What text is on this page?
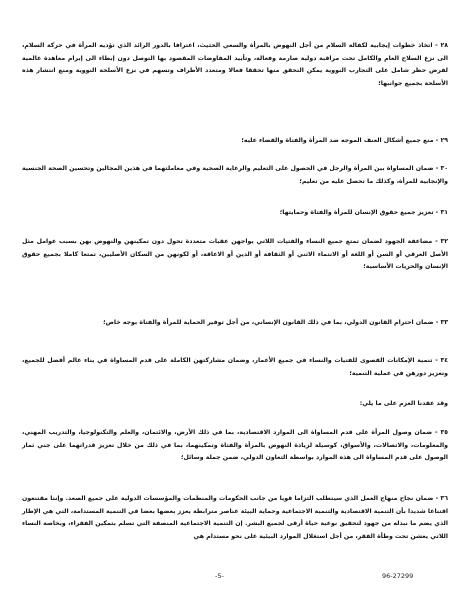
٢٨ - اتخاذ خطوات إيجابية لكفالة السلام من أجل النهوض بالمرأة والسعي الحثيث، اعترافا بالدور الرائد الذي تؤديه المرأة في حركة السلام، الى نزع السلاح العام والكامل تحت مراقبة دولية صارمة وفعالة، وتأييد المفاوضات المقصود بها التوصل دون إبطاء الى إبرام معاهدة عالمية لفرض حظر شامل على التجارب النووية يمكن التحقق منها تحققا فعالا ومتعدد الأطراف وتسهم في نزع الأسلحة النووية ومنع انتشار هذه الأسلحة بجميع جوانبها؛

٢٩ - منع جميع أشكال العنف الموجه ضد المرأة والفتاة والقضاء عليه؛

٣٠ - ضمان المساواة بين المرأة والرجل في الحصول على التعليم والرعاية الصحية وفي معاملتهما في هذين المجالين وتحسين الصحة الجنسية والإنجابية للمرأة، وكذلك ما تحصل عليه من تعليم؛

٣١ - تعزيز جميع حقوق الإنسان للمرأة والفتاة وحمايتها؛

٣٢ - مضاعفة الجهود لضمان تمتع جميع النساء والفتيات اللاتي يواجهن عقبات متعددة تحول دون تمكينهن والنهوض بهن بسبب عوامل مثل الأصل العرقي أو السن أو اللغة أو الانتماء الاثني أو الثقافة أو الدين أو الاعاقة، أو لكونهن من السكان الأصليين، تمتعا كاملا بجميع حقوق الإنسان والحريات الأساسية؛

٣٣ - ضمان احترام القانون الدولي، بما في ذلك القانون الإنساني، من أجل توفير الحماية للمرأة والفتاة بوجه خاص؛

٣٤ - تنمية الإمكانات القصوى للفتيات والنساء في جميع الأعمار، وضمان مشاركتهن الكاملة على قدم المساواة في بناء عالم أفضل للجميع، وتعزيز دورهن في عملية التنمية؛

وقد عقدنا العزم على ما يلي:

٣٥ - ضمان وصول المرأة على قدم المساواة الى الموارد الاقتصادية، بما في ذلك الأرض، والائتمان، والعلم والتكنولوجيا، والتدريب المهني، والمعلومات، والاتصالات، والأسواق، كوسيلة لزيادة النهوض بالمرأة والفتاة وتمكينهما، بما في ذلك من خلال تعزيز قدراتهما على جني ثمار الوصول على قدم المساواة الى هذه الموارد بواسطة التعاون الدولي، ضمن جملة وسائل؛

٣٦ - ضمان نجاح منهاج العمل الذي سيتطلب التزاما قويا من جانب الحكومات والمنظمات والمؤسسات الدولية على جميع الصعد. وإننا مقتنعون اقتناعا شديدا بأن التنمية الاقتصادية والتنمية الاجتماعية وحماية البيئة عناصر مترابطة يعزز بعضها بعضا في التنمية المستدامة، التي هي الإطار الذي يضم ما نبذله من جهود لتحقيق نوعية حياة أرقى لجميع البشر. إن التنمية الاجتماعية المنصفة التي تسلم بتمكين الفقراء، وبخاصة النساء اللاتي يعشن تحت وطأة الفقر، من أجل استغلال الموارد البيئية على نحو مستدام هي

-5-	96-27299
